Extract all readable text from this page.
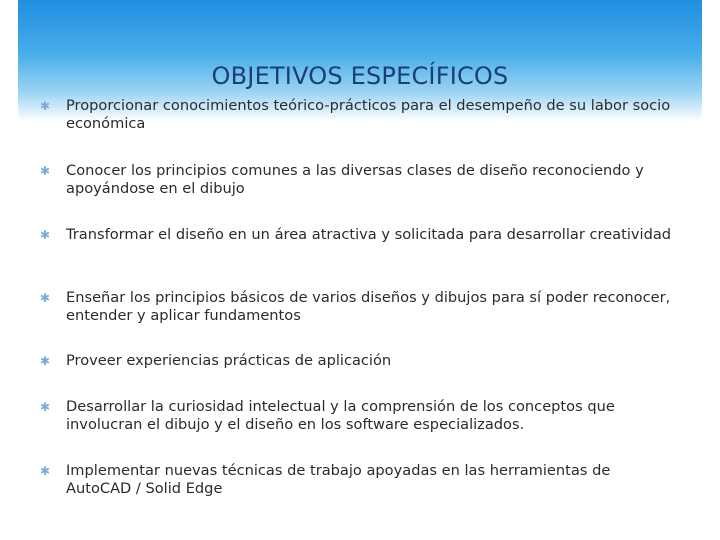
OBJETIVOS ESPECÍFICOS
✱	Proporcionar conocimientos teórico-prácticos para el desempeño de su labor socio económica
✱	Conocer los principios comunes a las diversas clases de diseño reconociendo y apoyándose en el dibujo
✱	Transformar el diseño en un área atractiva y solicitada para desarrollar creatividad
✱	Enseñar los principios básicos de varios diseños y dibujos para sí poder reconocer, entender y aplicar fundamentos
✱	Proveer experiencias prácticas de aplicación
✱	Desarrollar la curiosidad intelectual y la comprensión de los conceptos que involucran el dibujo y el diseño en los software especializados.
✱	Implementar nuevas técnicas de trabajo apoyadas en las herramientas de AutoCAD / Solid Edge
